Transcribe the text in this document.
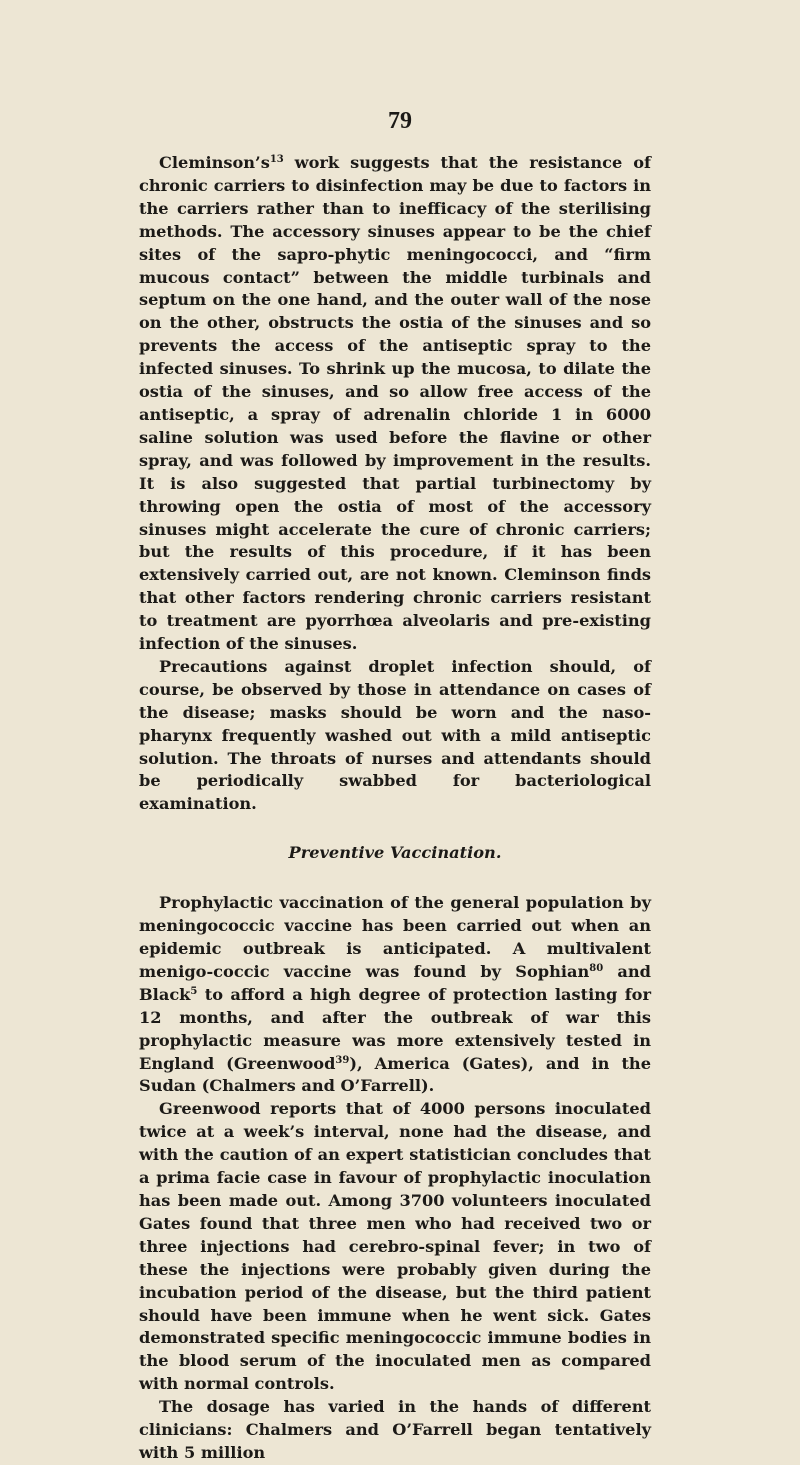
79

$Cleminson’s^{13}$ work suggests that the resistance of chronic carriers to disinfection may be due to factors in the carriers rather than to inefficacy of the sterilising methods. The accessory sinuses appear to be the chief sites of the sapro-phytic meningococci, and “firm mucous contact” between the middle turbinals and septum on the one hand, and the outer wall of the nose on the other, obstructs the ostia of the sinuses and so prevents the access of the antiseptic spray to the infected sinuses. To shrink up the mucosa, to dilate the ostia of the sinuses, and so allow free access of the antiseptic, a spray of adrenalin chloride 1 in 6000 saline solution was used before the flavine or other spray, and was followed by improvement in the results. It is also suggested that partial turbinectomy by throwing open the ostia of most of the accessory sinuses might accelerate the cure of chronic carriers; but the results of this procedure, if it has been extensively carried out, are not known. Cleminson finds that other factors rendering chronic carriers resistant to treatment are pyorrhœa alveolaris and pre-existing infection of the sinuses.

Precautions against droplet infection should, of course, be observed by those in attendance on cases of the disease; masks should be worn and the naso-pharynx frequently washed out with a mild antiseptic solution. The throats of nurses and attendants should be periodically swabbed for bacteriological examination.

Preventive Vaccination.

Prophylactic vaccination of the general population by meningococcic vaccine has been carried out when an epidemic outbreak is anticipated. A multivalent menigo-coccic vaccine was found by Sophian$^{80}$ and Black$^5$ to afford a high degree of protection lasting for 12 months, and after the outbreak of war this prophylactic measure was more extensively tested in England (Greenwood$^{39}$), America (Gates), and in the Sudan (Chalmers and O’Farrell).

Greenwood reports that of 4000 persons inoculated twice at a week’s interval, none had the disease, and with the caution of an expert statistician concludes that a prima facie case in favour of prophylactic inoculation has been made out. Among 3700 volunteers inoculated Gates found that three men who had received two or three injections had cerebro-spinal fever; in two of these the injections were probably given during the incubation period of the disease, but the third patient should have been immune when he went sick. Gates demonstrated specific meningococcic immune bodies in the blood serum of the inoculated men as compared with normal controls.

The dosage has varied in the hands of different clinicians: Chalmers and O’Farrell began tentatively with 5 million
